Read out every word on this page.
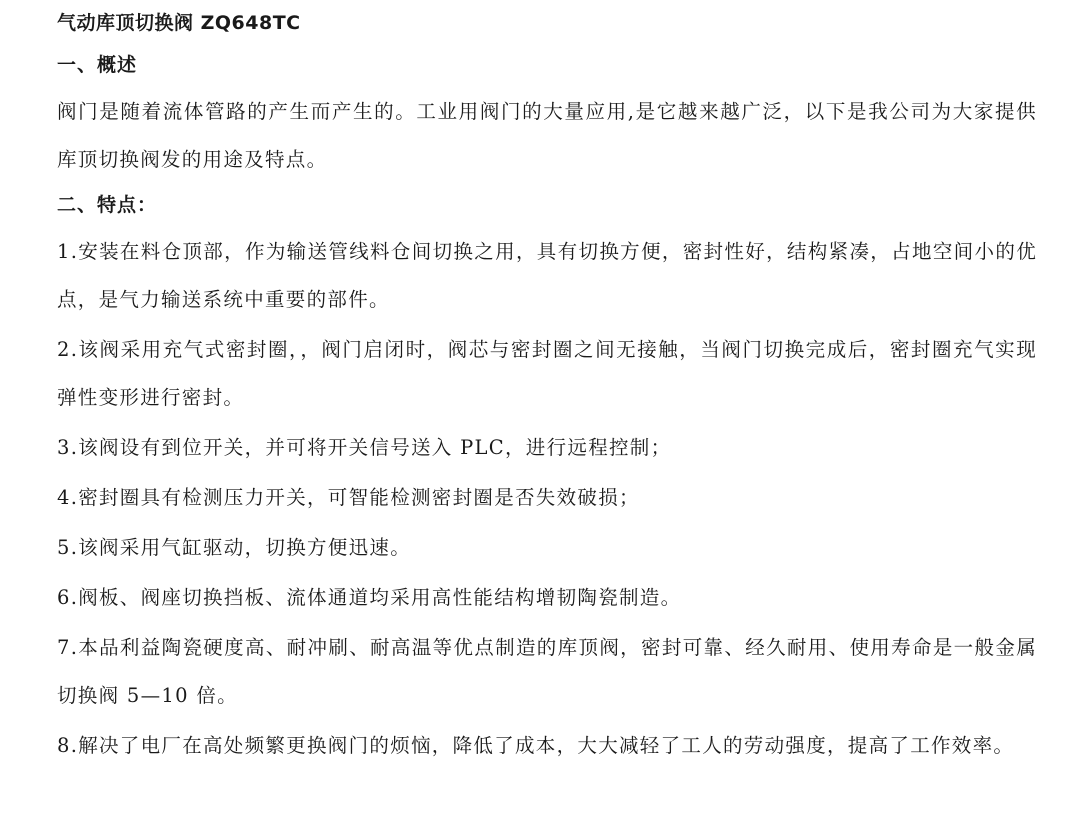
气动库顶切换阀 ZQ648TC
一、概述
阀门是随着流体管路的产生而产生的。工业用阀门的大量应用,是它越来越广泛，以下是我公司为大家提供库顶切换阀发的用途及特点。
二、特点：
1.安装在料仓顶部，作为输送管线料仓间切换之用，具有切换方便，密封性好，结构紧凑，占地空间小的优点，是气力输送系统中重要的部件。
2.该阀采用充气式密封圈，，阀门启闭时，阀芯与密封圈之间无接触，当阀门切换完成后，密封圈充气实现弹性变形进行密封。
3.该阀设有到位开关，并可将开关信号送入 PLC，进行远程控制；
4.密封圈具有检测压力开关，可智能检测密封圈是否失效破损；
5.该阀采用气缸驱动，切换方便迅速。
6.阀板、阀座切换挡板、流体通道均采用高性能结构增韧陶瓷制造。
7.本品利益陶瓷硬度高、耐冲刷、耐高温等优点制造的库顶阀，密封可靠、经久耐用、使用寿命是一般金属切换阀 5—10 倍。
8.解决了电厂在高处频繁更换阀门的烦恼，降低了成本，大大减轻了工人的劳动强度，提高了工作效率。
